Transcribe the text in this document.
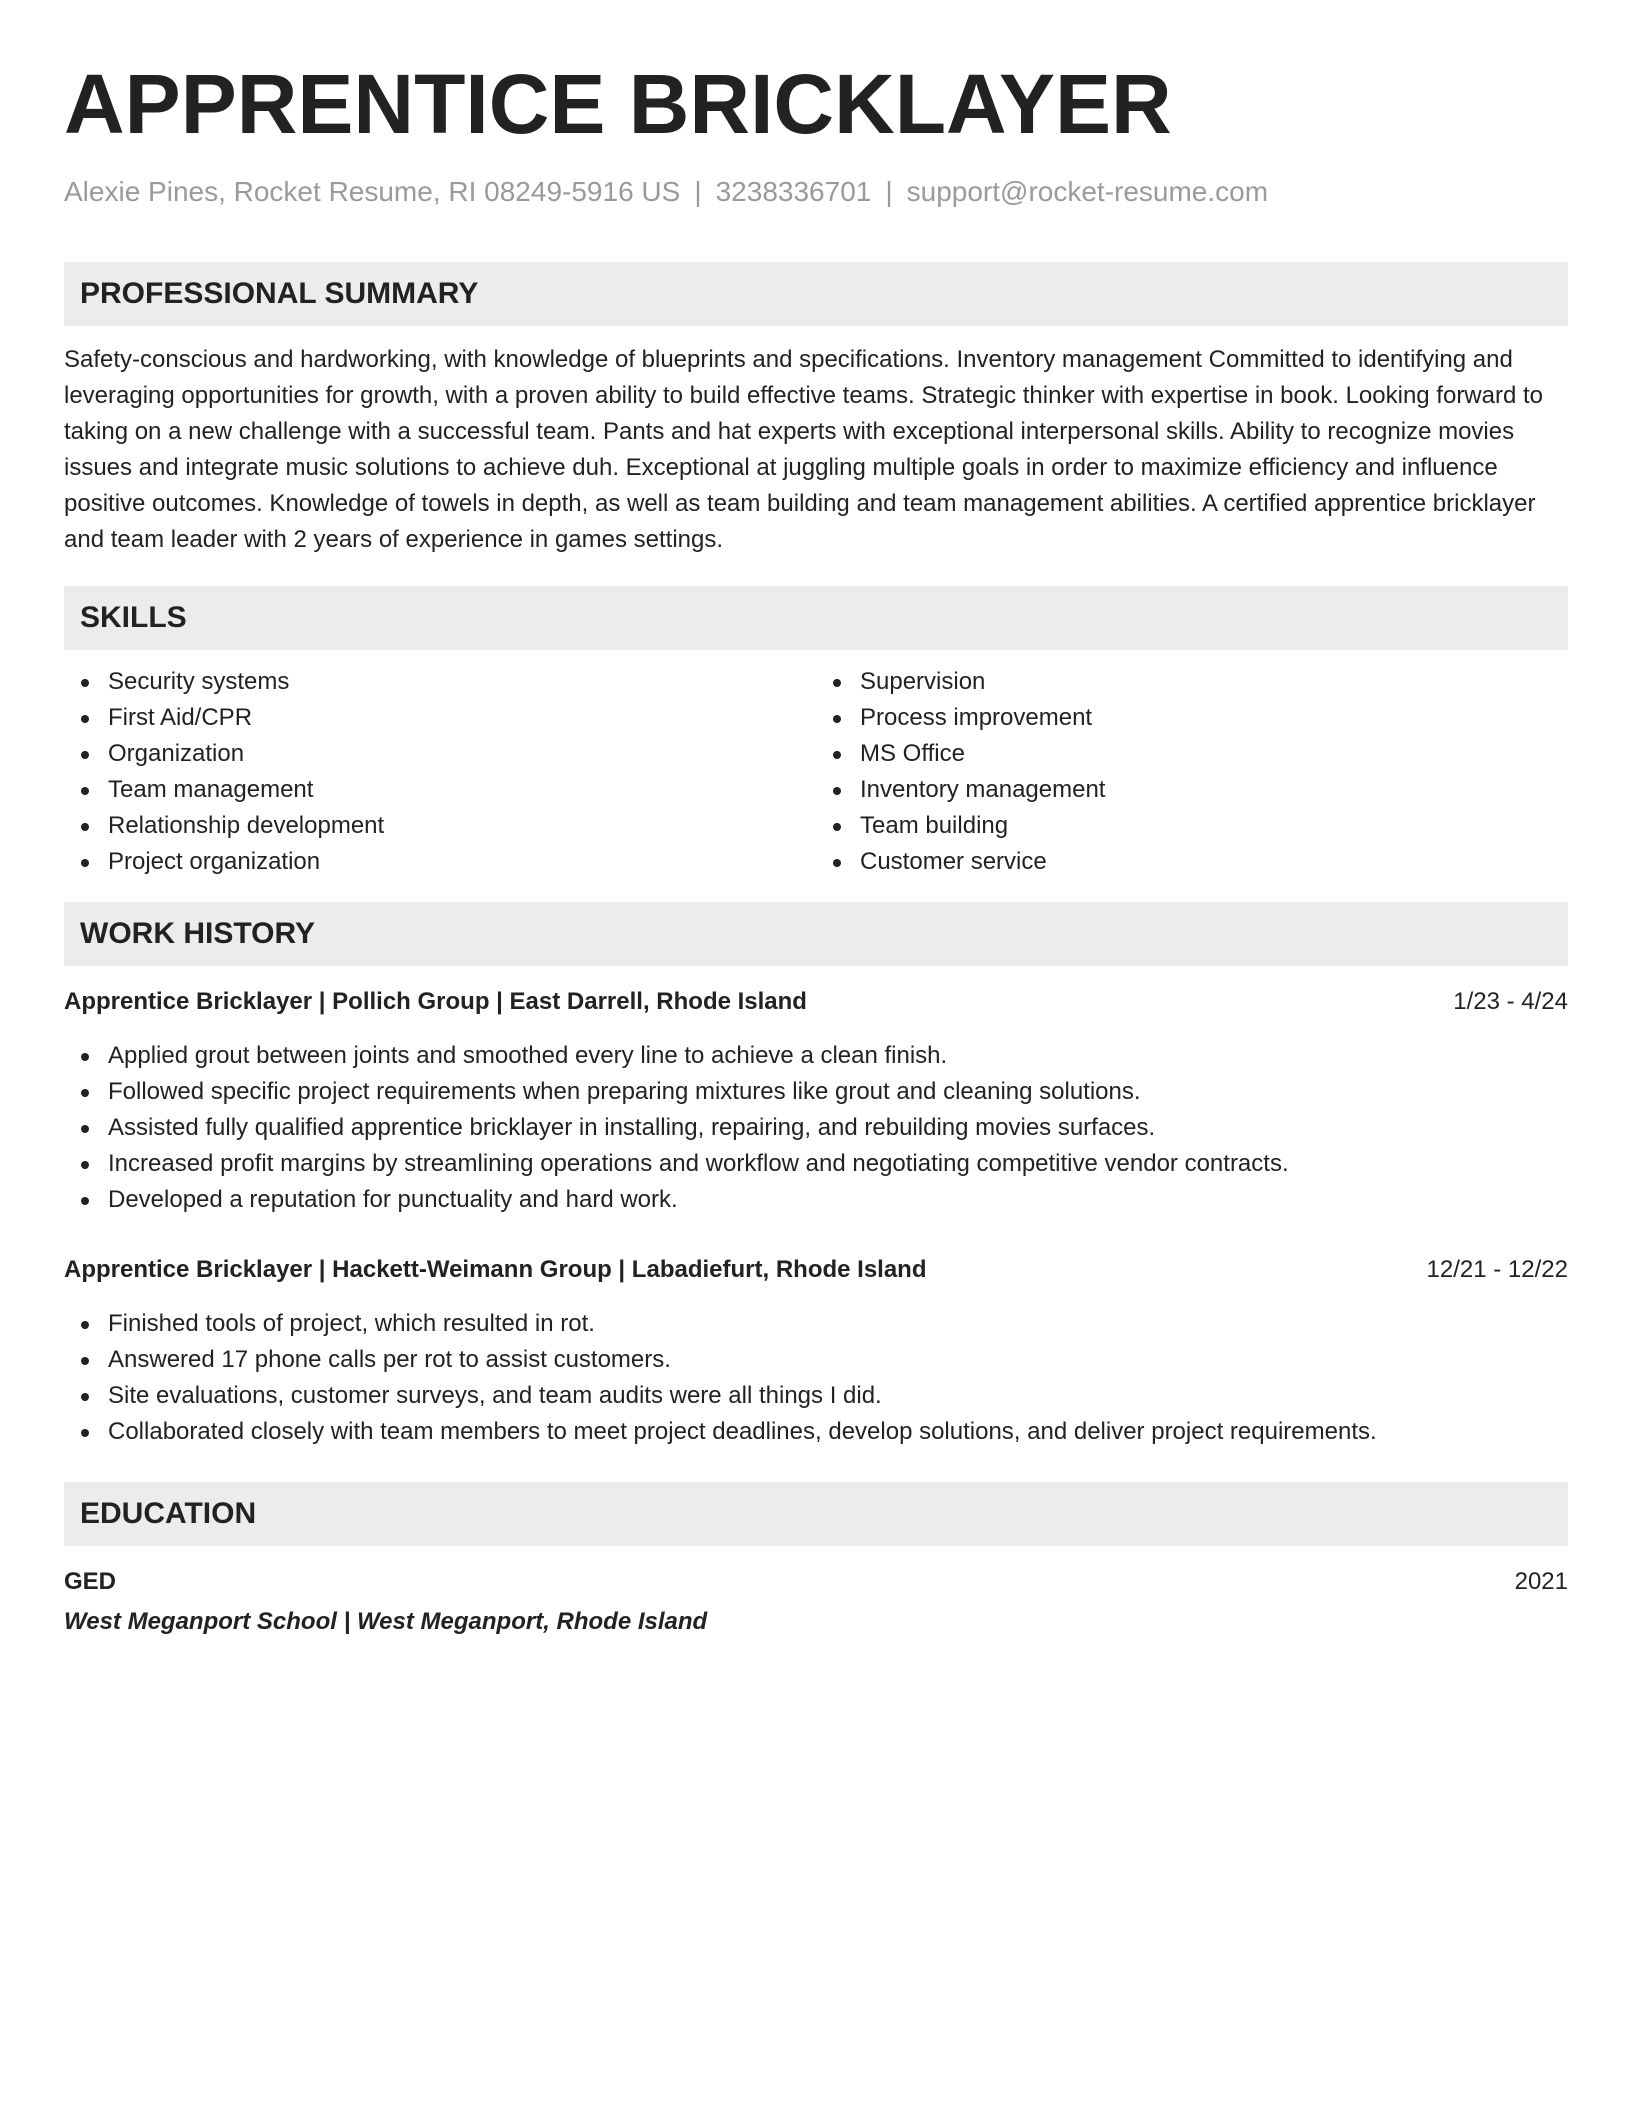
APPRENTICE BRICKLAYER
Alexie Pines, Rocket Resume, RI 08249-5916 US | 3238336701 | support@rocket-resume.com
PROFESSIONAL SUMMARY

Safety-conscious and hardworking, with knowledge of blueprints and specifications. Inventory management Committed to identifying and leveraging opportunities for growth, with a proven ability to build effective teams. Strategic thinker with expertise in book. Looking forward to taking on a new challenge with a successful team. Pants and hat experts with exceptional interpersonal skills. Ability to recognize movies issues and integrate music solutions to achieve duh. Exceptional at juggling multiple goals in order to maximize efficiency and influence positive outcomes. Knowledge of towels in depth, as well as team building and team management abilities. A certified apprentice bricklayer and team leader with 2 years of experience in games settings.

SKILLS
Security systems
First Aid/CPR
Organization
Team management
Relationship development
Project organization
Supervision
Process improvement
MS Office
Inventory management
Team building
Customer service
WORK HISTORY
Apprentice Bricklayer | Pollich Group | East Darrell, Rhode Island	1/23 - 4/24
Applied grout between joints and smoothed every line to achieve a clean finish.
Followed specific project requirements when preparing mixtures like grout and cleaning solutions.
Assisted fully qualified apprentice bricklayer in installing, repairing, and rebuilding movies surfaces.
Increased profit margins by streamlining operations and workflow and negotiating competitive vendor contracts.
Developed a reputation for punctuality and hard work.
Apprentice Bricklayer | Hackett-Weimann Group | Labadiefurt, Rhode Island	12/21 - 12/22
Finished tools of project, which resulted in rot.
Answered 17 phone calls per rot to assist customers.
Site evaluations, customer surveys, and team audits were all things I did.
Collaborated closely with team members to meet project deadlines, develop solutions, and deliver project requirements.
EDUCATION
GED	2021
West Meganport School | West Meganport, Rhode Island
